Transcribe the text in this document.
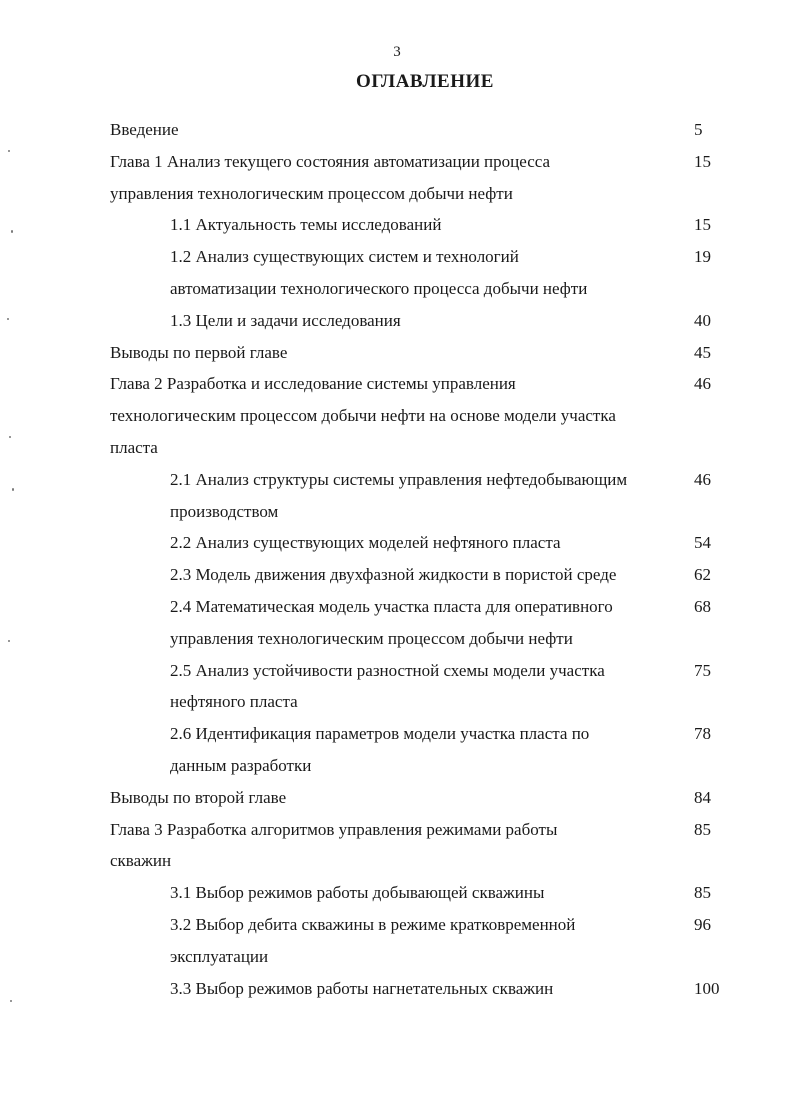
3
ОГЛАВЛЕНИЕ
Введение	5
Глава 1 Анализ текущего состояния автоматизации процесса
управления технологическим процессом добычи нефти
15
1.1 Актуальность темы исследований	15
1.2 Анализ существующих систем и технологий
автоматизации технологического процесса добычи нефти
19
1.3 Цели и задачи исследования	40
Выводы по первой главе	45
Глава 2 Разработка и исследование системы управления
технологическим процессом добычи нефти на основе модели участка
пласта
46
2.1 Анализ структуры системы управления нефтедобывающим
производством
46
2.2 Анализ существующих моделей нефтяного пласта	54
2.3 Модель движения двухфазной жидкости в пористой среде	62
2.4 Математическая модель участка пласта для оперативного
управления технологическим процессом добычи нефти
68
2.5 Анализ устойчивости разностной схемы модели участка
нефтяного пласта
75
2.6 Идентификация параметров модели участка пласта по
данным разработки
78
Выводы по второй главе	84
Глава 3 Разработка алгоритмов управления режимами работы
скважин
85
3.1 Выбор режимов работы добывающей скважины	85
3.2 Выбор дебита скважины в режиме кратковременной
эксплуатации
96
3.3 Выбор режимов работы нагнетательных скважин	100
